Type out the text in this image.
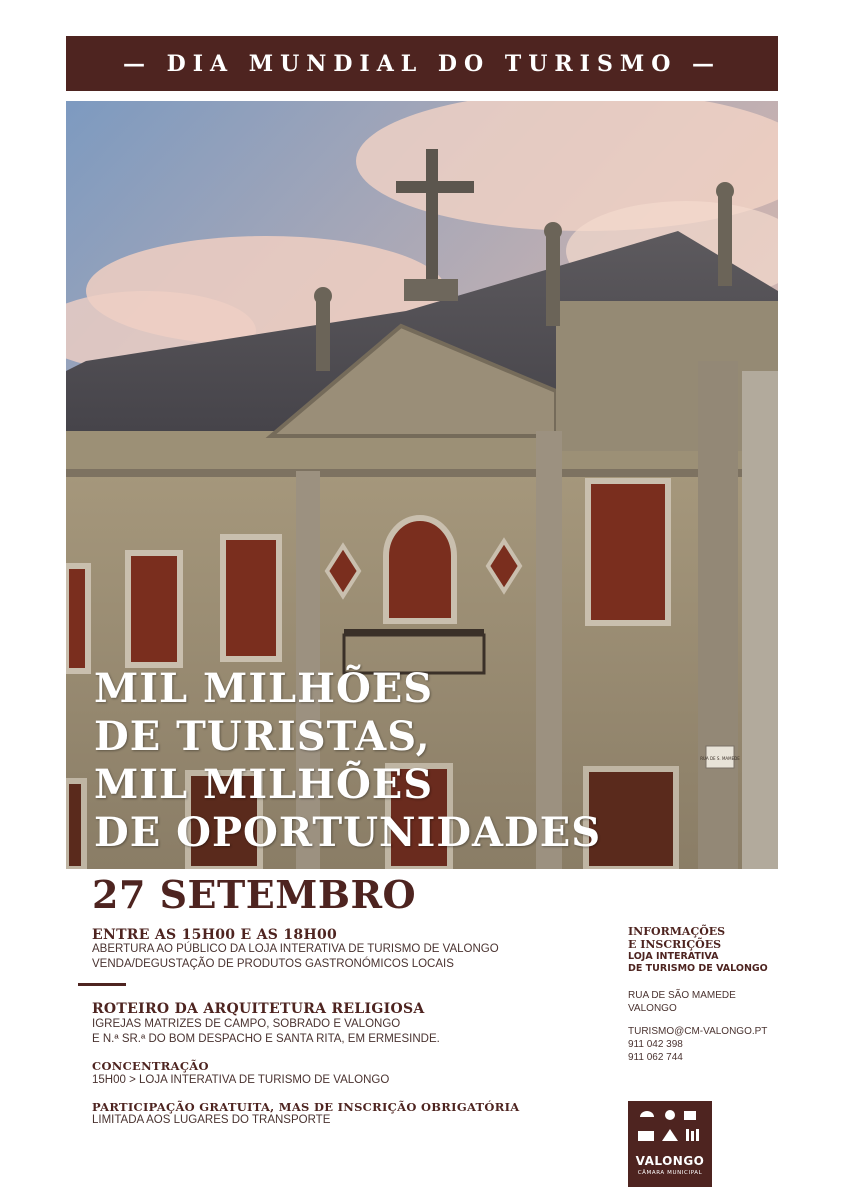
— DIA MUNDIAL DO TURISMO —
RUA DE S. MAMEDE
MIL MILHÕES
DE TURISTAS,
MIL MILHÕES
DE OPORTUNIDADES
27 SETEMBRO
ENTRE AS 15H00 E AS 18H00
ABERTURA AO PÚBLICO DA LOJA INTERATIVA DE TURISMO DE VALONGO
VENDA/DEGUSTAÇÃO DE PRODUTOS GASTRONÓMICOS LOCAIS
ROTEIRO DA ARQUITETURA RELIGIOSA
IGREJAS MATRIZES DE CAMPO, SOBRADO E VALONGO
E N.ª SR.ª DO BOM DESPACHO E SANTA RITA, EM ERMESINDE.
CONCENTRAÇÃO
15H00 > LOJA INTERATIVA DE TURISMO DE VALONGO
PARTICIPAÇÃO GRATUITA, MAS DE INSCRIÇÃO OBRIGATÓRIA
LIMITADA AOS LUGARES DO TRANSPORTE
INFORMAÇÕES
E INSCRIÇÕES
LOJA INTERATIVA
DE TURISMO DE VALONGO
RUA DE SÃO MAMEDE
VALONGO
TURISMO@CM-VALONGO.PT
911 042 398
911 062 744
VALONGO
CÂMARA MUNICIPAL
